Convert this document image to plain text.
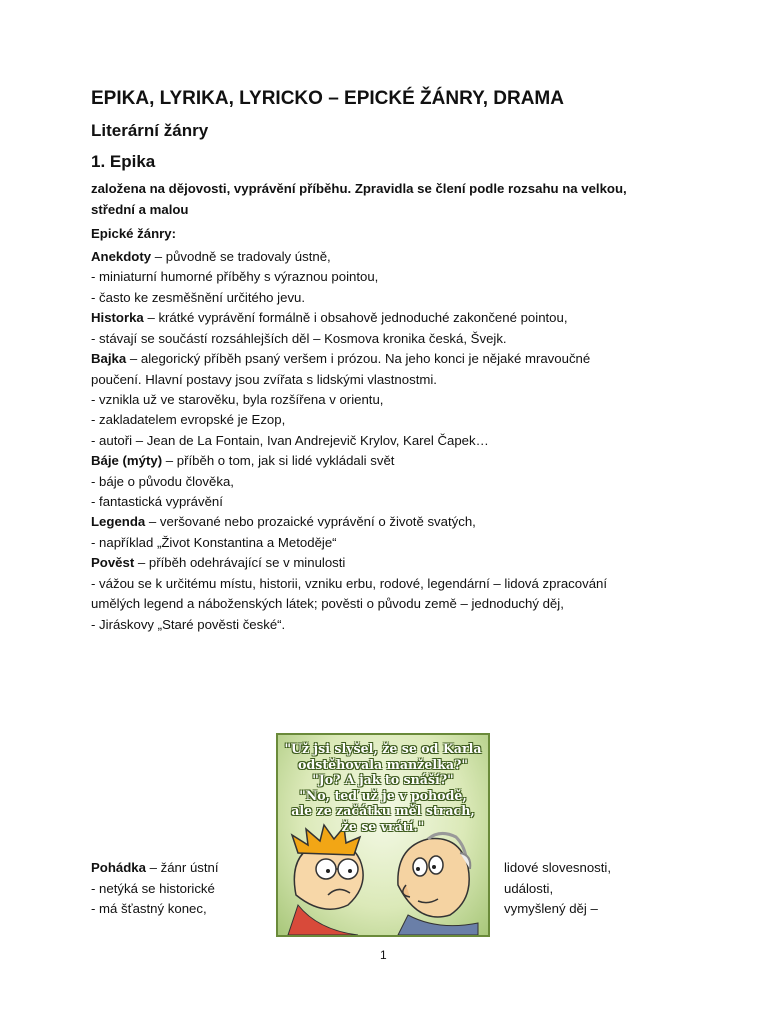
EPIKA, LYRIKA, LYRICKO – EPICKÉ ŽÁNRY, DRAMA
Literární žánry
1. Epika

založena na dějovosti, vyprávění příběhu. Zpravidla se člení podle rozsahu na velkou,

střední a malou

Epické žánry:

Anekdoty – původně se tradovaly ústně,

- miniaturní humorné příběhy s výraznou pointou,

- často ke zesměšnění určitého jevu.

Historka – krátké vyprávění formálně i obsahově jednoduché zakončené pointou,

- stávají se součástí rozsáhlejších děl – Kosmova kronika česká, Švejk.

Bajka – alegorický příběh psaný veršem i prózou. Na jeho konci je nějaké mravoučné

poučení. Hlavní postavy jsou zvířata s lidskými vlastnostmi.

- vznikla už ve starověku, byla rozšířena v orientu,

- zakladatelem evropské je Ezop,

- autoři – Jean de La Fontain, Ivan Andrejevič Krylov, Karel Čapek…

Báje (mýty) – příběh o tom, jak si lidé vykládali svět

- báje o původu člověka,

- fantastická vyprávění

Legenda – veršované nebo prozaické vyprávění o životě svatých,

- například „Život Konstantina a Metoděje“

Pověst – příběh odehrávající se v minulosti

- vážou se k určitému místu, historii, vzniku erbu, rodové, legendární – lidová zpracování

umělých legend a náboženských látek; pověsti o původu země – jednoduchý děj,

- Jiráskovy „Staré pověsti české“.

"Už jsi slyšel, že se od Karla
odstěhovala manželka?"
"Jo? A jak to snáší?"
"No, teď už je v pohodě,
ale ze začátku měl strach,
že se vrátí."

Pohádka – žánr ústní

- netýká se historické

- má šťastný konec,

lidové slovesnosti,

události,

vymyšlený děj –

1
